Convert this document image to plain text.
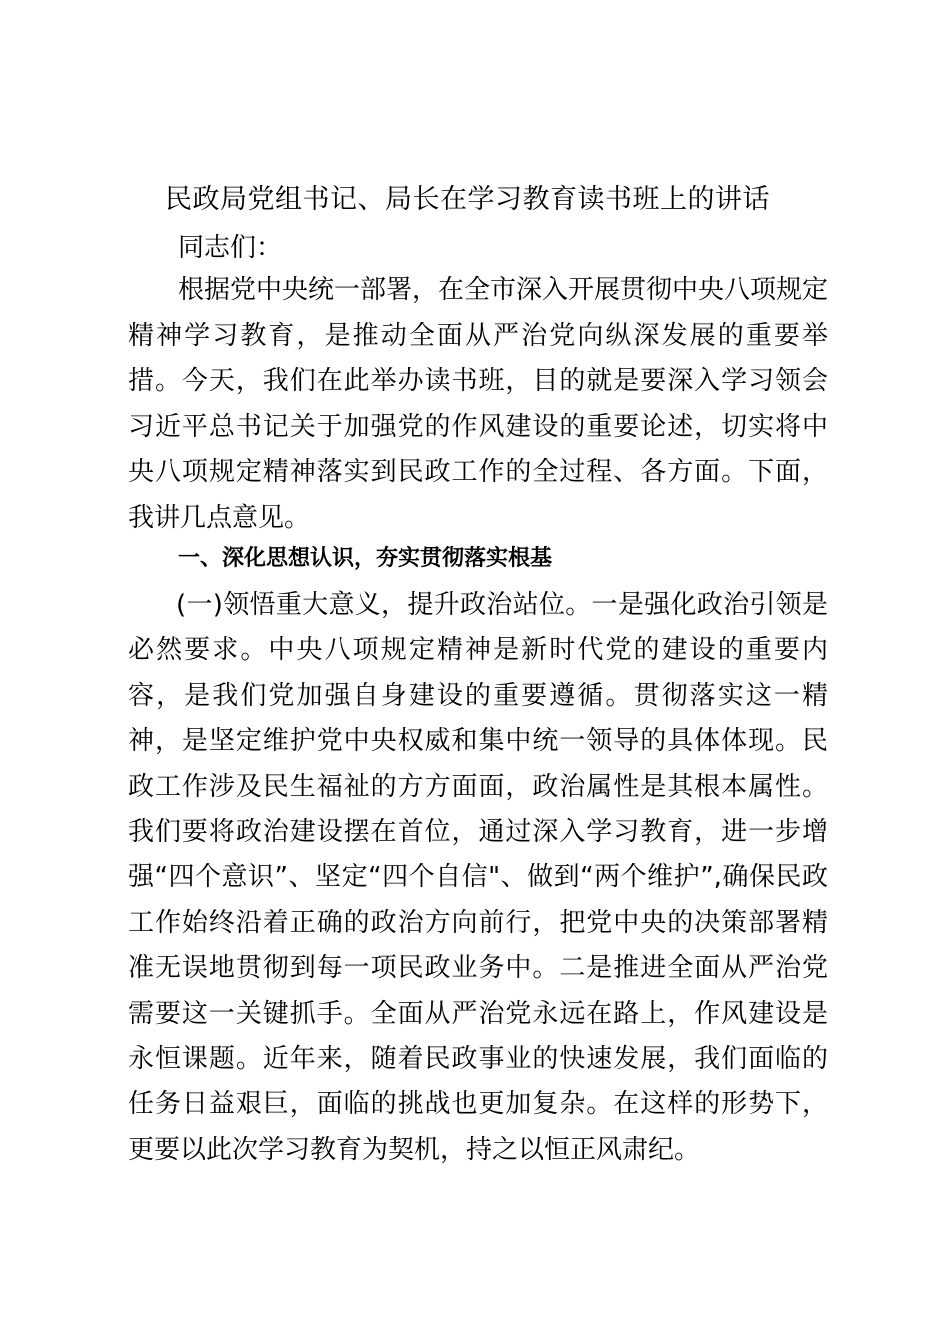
民政局党组书记、局长在学习教育读书班上的讲话

同志们：

根据党中央统一部署，在全市深入开展贯彻中央八项规定精神学习教育，是推动全面从严治党向纵深发展的重要举措。今天，我们在此举办读书班，目的就是要深入学习领会习近平总书记关于加强党的作风建设的重要论述，切实将中央八项规定精神落实到民政工作的全过程、各方面。下面，我讲几点意见。

一、深化思想认识，夯实贯彻落实根基

(一)领悟重大意义，提升政治站位。一是强化政治引领是必然要求。中央八项规定精神是新时代党的建设的重要内容，是我们党加强自身建设的重要遵循。贯彻落实这一精神，是坚定维护党中央权威和集中统一领导的具体体现。民政工作涉及民生福祉的方方面面，政治属性是其根本属性。我们要将政治建设摆在首位，通过深入学习教育，进一步增强“四个意识”、坚定“四个自信"、做到“两个维护”,确保民政工作始终沿着正确的政治方向前行，把党中央的决策部署精准无误地贯彻到每一项民政业务中。二是推进全面从严治党需要这一关键抓手。全面从严治党永远在路上，作风建设是永恒课题。近年来，随着民政事业的快速发展，我们面临的任务日益艰巨，面临的挑战也更加复杂。在这样的形势下，更要以此次学习教育为契机，持之以恒正风肃纪。
